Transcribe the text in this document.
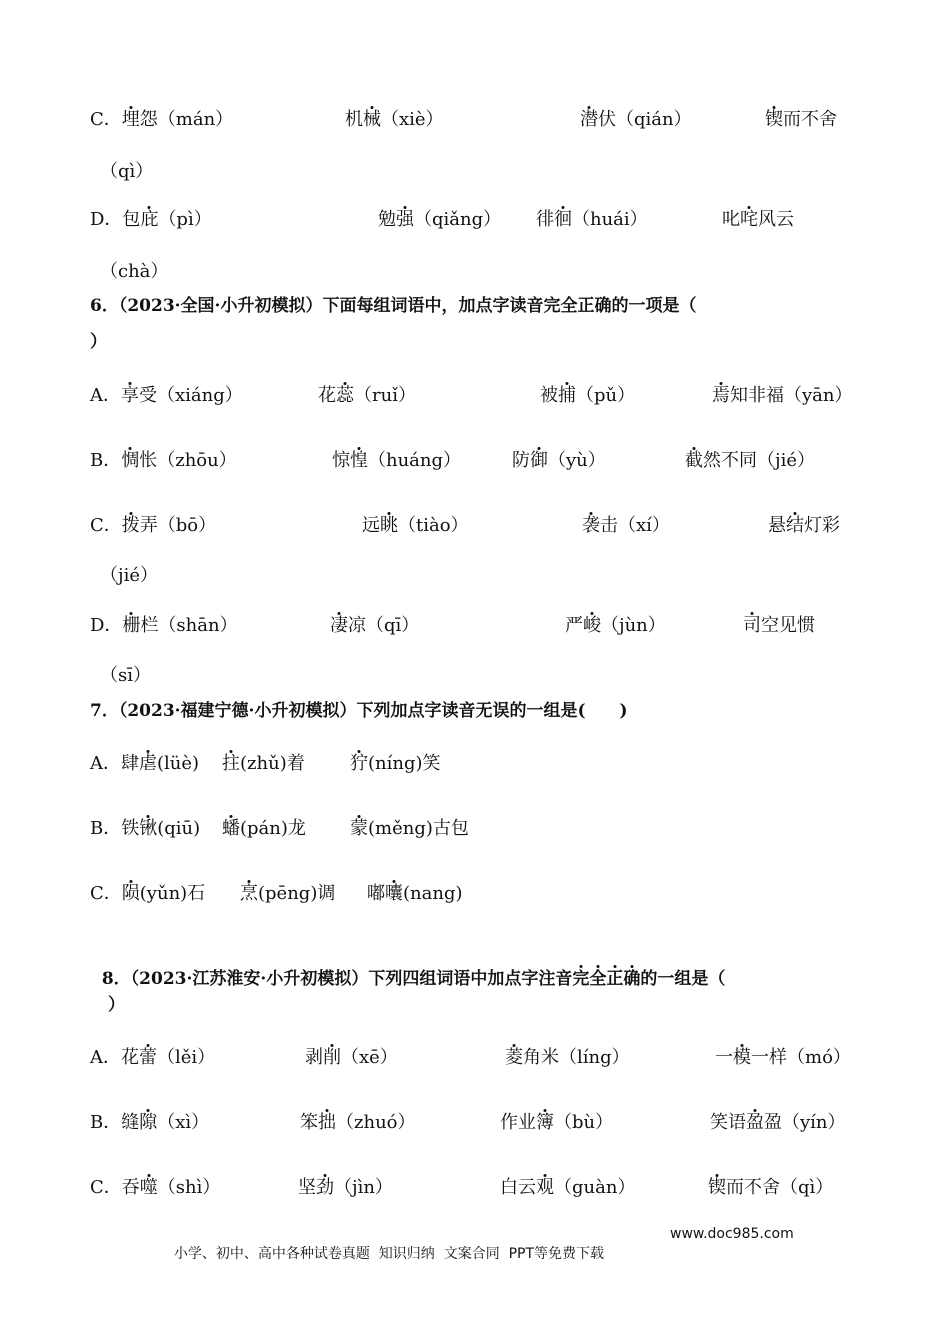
C．埋怨（mán）	机械（xiè）	潜伏（qián）	锲而不舍
（qì）
D．包庇（pì）	勉强（qiǎng） 徘徊（huái）	叱咤风云
（chà）
A．享受（xiáng）	花蕊（ruǐ）	被捕（pǔ）	焉知非福（yān）
B．惆怅（zhōu）	惊惶（huáng）	防御（yù）	截然不同（jié）
C．拨弄（bō）	远眺（tiào）	袭击（xí）	悬结灯彩
（jié）
D．栅栏（shān）	凄凉（qī）	严峻（jùn）	司空见惯
（sī）
A．肆虐(lüè) 拄(zhǔ)着	狞(níng)笑
B．铁锹(qiū) 蟠(pán)龙 蒙(měng)古包
C．陨(yǔn)石 烹(pēng)调 嘟囔(nang)
A．花蕾（lěi）	剥削（xē）	菱角米（líng）	一模一样（mó）
B．缝隙（xì）	笨拙（zhuó）	作业簿（bù）	笑语盈盈（yín）
C．吞噬（shì）	坚劲（jìn）	白云观（guàn）	锲而不舍（qì）
6．（2023·全国·小升初模拟）下面每组词语中，加点字读音完全正确的一项是（
）
7．（2023·福建宁德·小升初模拟）下列加点字读音无误的一组是(　　)

8．（2023·江苏淮安·小升初模拟）下列四组词语中加点字注音完全正确的一组是（

）

小学、初中、高中各种试卷真题  知识归纳  文案合同  PPT等免费下载

www.doc985.com
